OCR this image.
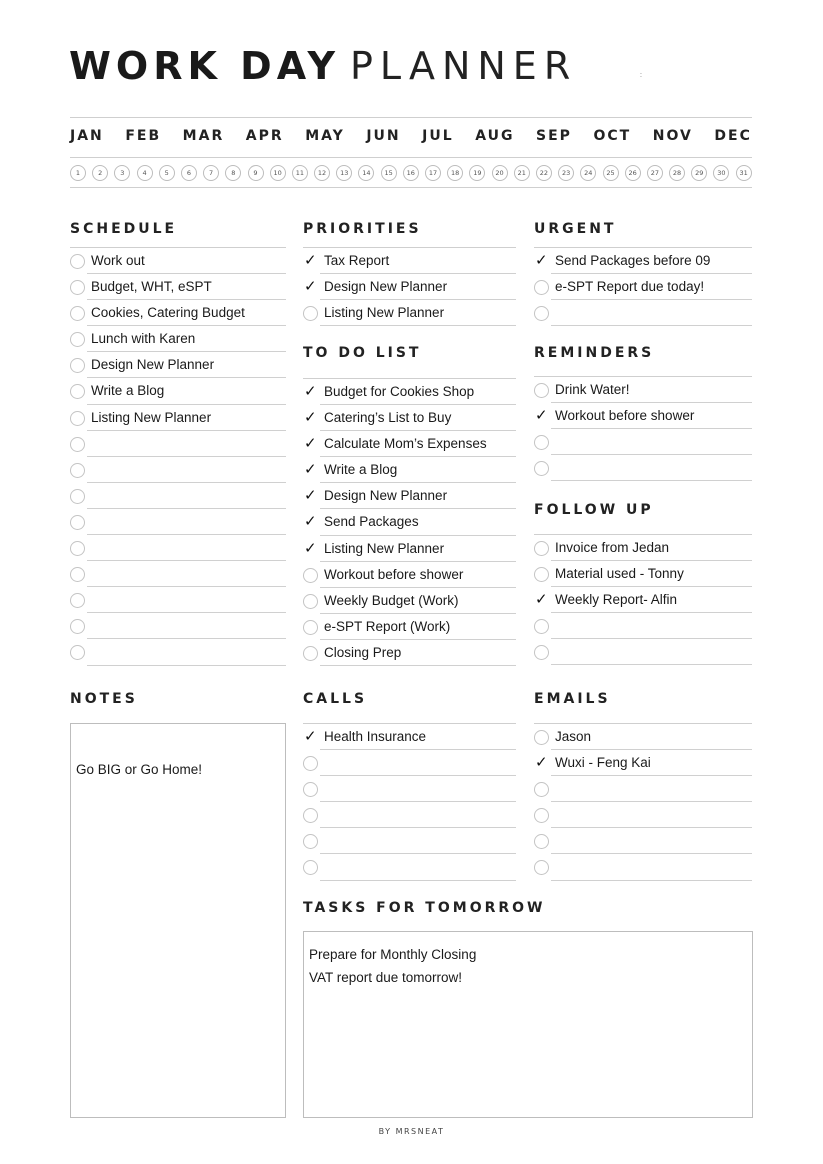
WORK DAY PLANNER	:
JAN FEB MAR APR MAY JUN JUL AUG SEP OCT NOV DEC
1	2	3	4	5	6	7	8	9	10	11	12	13	14	15	16	17	18	19	20	21	22	23	24	25	26	27	28	29	30	31
SCHEDULE
Work out
Budget, WHT, eSPT
Cookies, Catering Budget
Lunch with Karen
Design New Planner
Write a Blog
Listing New Planner
NOTES
Go BIG or Go Home!
PRIORITIES
✓ Tax Report
✓ Design New Planner
Listing New Planner
TO DO LIST
✓ Budget for Cookies Shop
✓ Catering’s List to Buy
✓ Calculate Mom’s Expenses
✓ Write a Blog
✓ Design New Planner
✓ Send Packages
✓ Listing New Planner
Workout before shower
Weekly Budget (Work)
e-SPT Report (Work)
Closing Prep
CALLS
✓ Health Insurance
TASKS FOR TOMORROW
Prepare for Monthly Closing
VAT report due tomorrow!
URGENT
✓ Send Packages before 09
e-SPT Report due today!
REMINDERS
Drink Water!
✓ Workout before shower
FOLLOW UP
Invoice from Jedan
Material used - Tonny
✓ Weekly Report- Alfin
EMAILS
Jason
✓ Wuxi - Feng Kai
BY MRSNEAT
